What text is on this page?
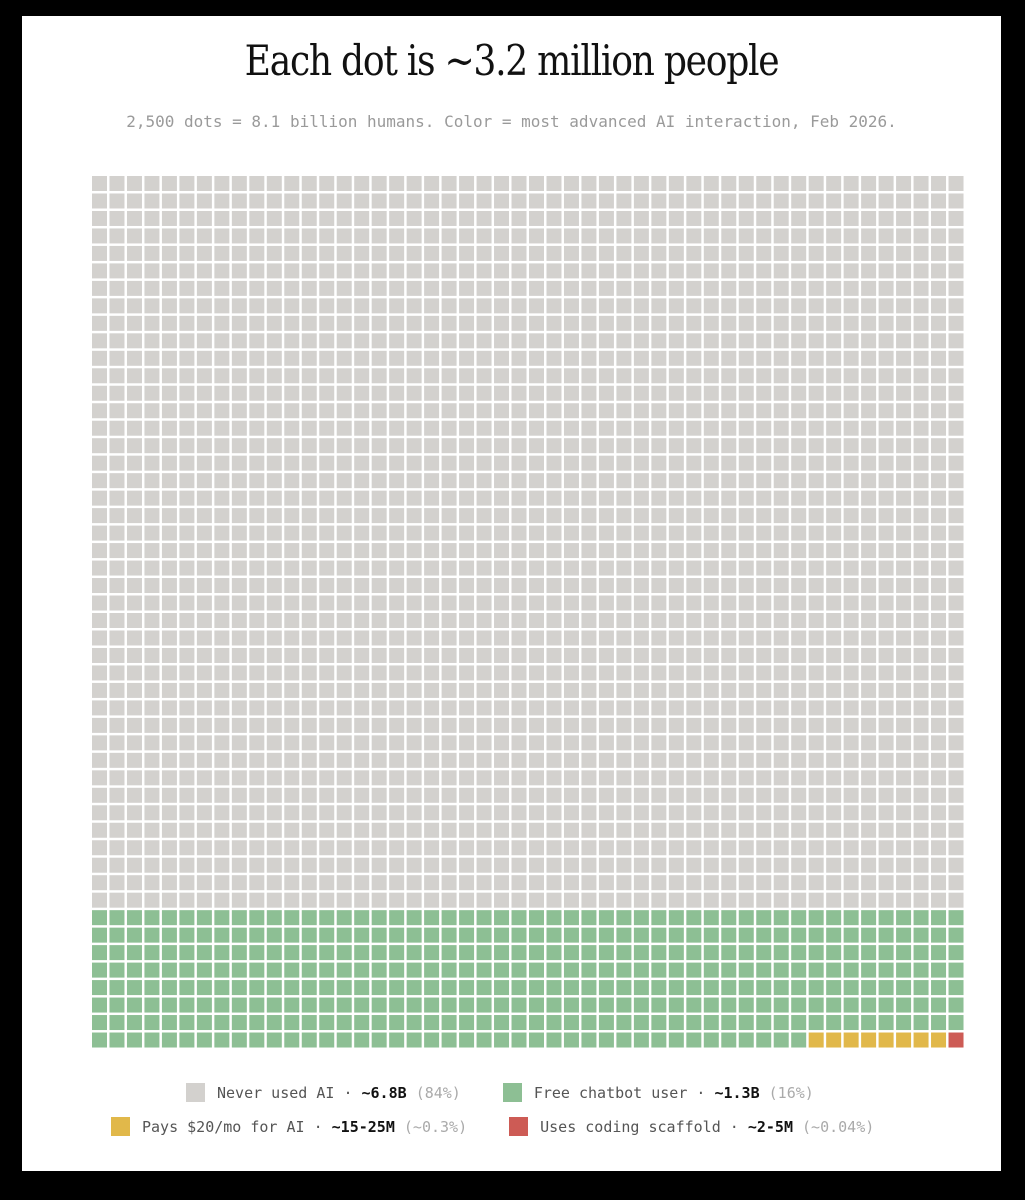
Each dot is ~3.2 million people

2,500 dots = 8.1 billion humans. Color = most advanced AI interaction, Feb 2026.

Never used AI
·
~6.8B
(84%)	Free chatbot user
·
~1.3B
(16%)
Pays $20/mo for AI
·
~15-25M
(~0.3%)	Uses coding scaffold
·
~2-5M
(~0.04%)
